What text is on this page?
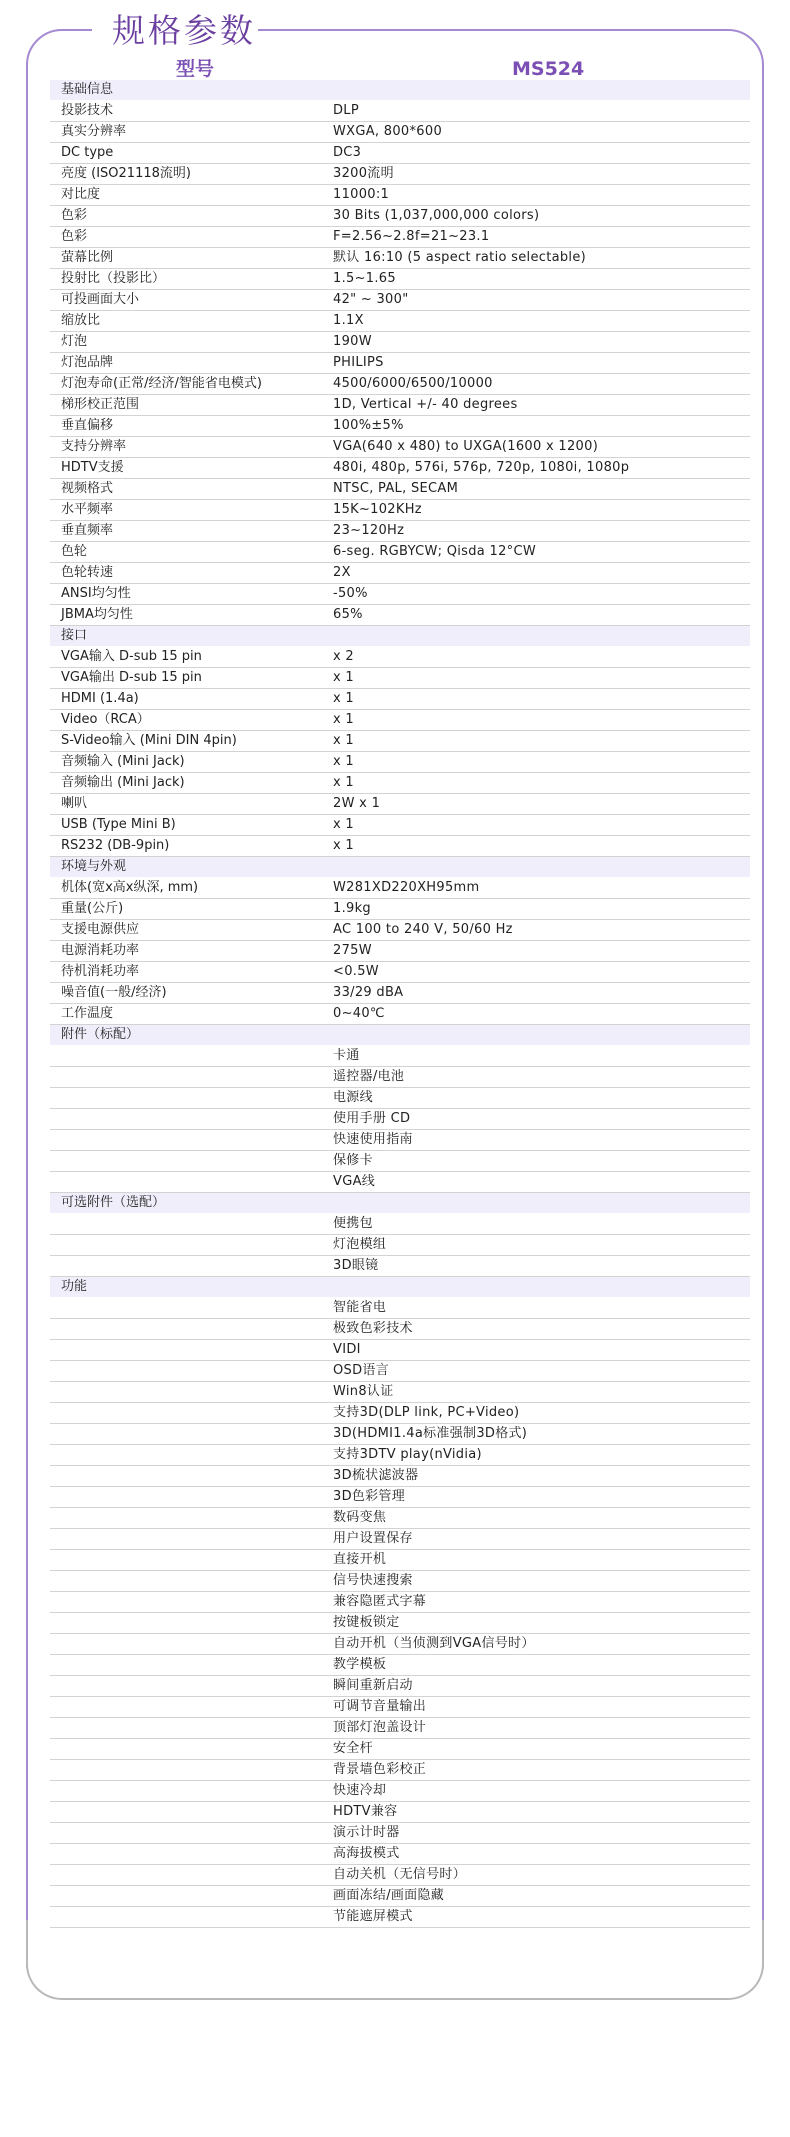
规格参数
型号	MS524
基础信息
投影技术	DLP
真实分辨率	WXGA, 800*600
DC type	DC3
亮度 (ISO21118流明)	3200流明
对比度	11000:1
色彩	30 Bits (1,037,000,000 colors)
色彩	F=2.56~2.8f=21~23.1
萤幕比例	默认 16:10 (5 aspect ratio selectable)
投射比（投影比）	1.5~1.65
可投画面大小	42" ~ 300"
缩放比	1.1X
灯泡	190W
灯泡品牌	PHILIPS
灯泡寿命(正常/经济/智能省电模式)	4500/6000/6500/10000
梯形校正范围	1D, Vertical +/- 40 degrees
垂直偏移	100%±5%
支持分辨率	VGA(640 x 480) to UXGA(1600 x 1200)
HDTV支援	480i, 480p, 576i, 576p, 720p, 1080i, 1080p
视频格式	NTSC, PAL, SECAM
水平频率	15K~102KHz
垂直频率	23~120Hz
色轮	6-seg. RGBYCW; Qisda 12°CW
色轮转速	2X
ANSI均匀性	-50%
JBMA均匀性	65%
接口
VGA输入 D-sub 15 pin	x 2
VGA输出 D-sub 15 pin	x 1
HDMI (1.4a)	x 1
Video（RCA）	x 1
S-Video输入 (Mini DIN 4pin)	x 1
音频输入 (Mini Jack)	x 1
音频输出 (Mini Jack)	x 1
喇叭	2W x 1
USB (Type Mini B)	x 1
RS232 (DB-9pin)	x 1
环境与外观
机体(宽x高x纵深, mm)	W281XD220XH95mm
重量(公斤)	1.9kg
支援电源供应	AC 100 to 240 V, 50/60 Hz
电源消耗功率	275W
待机消耗功率	<0.5W
噪音值(一般/经济)	33/29 dBA
工作温度	0~40℃
附件（标配）
卡通
遥控器/电池
电源线
使用手册 CD
快速使用指南
保修卡
VGA线
可选附件（选配）
便携包
灯泡模组
3D眼镜
功能
智能省电
极致色彩技术
VIDI
OSD语言
Win8认证
支持3D(DLP link, PC+Video)
3D(HDMI1.4a标准强制3D格式)
支持3DTV play(nVidia)
3D梳状滤波器
3D色彩管理
数码变焦
用户设置保存
直接开机
信号快速搜索
兼容隐匿式字幕
按键板锁定
自动开机（当侦测到VGA信号时）
教学模板
瞬间重新启动
可调节音量输出
顶部灯泡盖设计
安全杆
背景墙色彩校正
快速冷却
HDTV兼容
演示计时器
高海拔模式
自动关机（无信号时）
画面冻结/画面隐藏
节能遮屏模式
